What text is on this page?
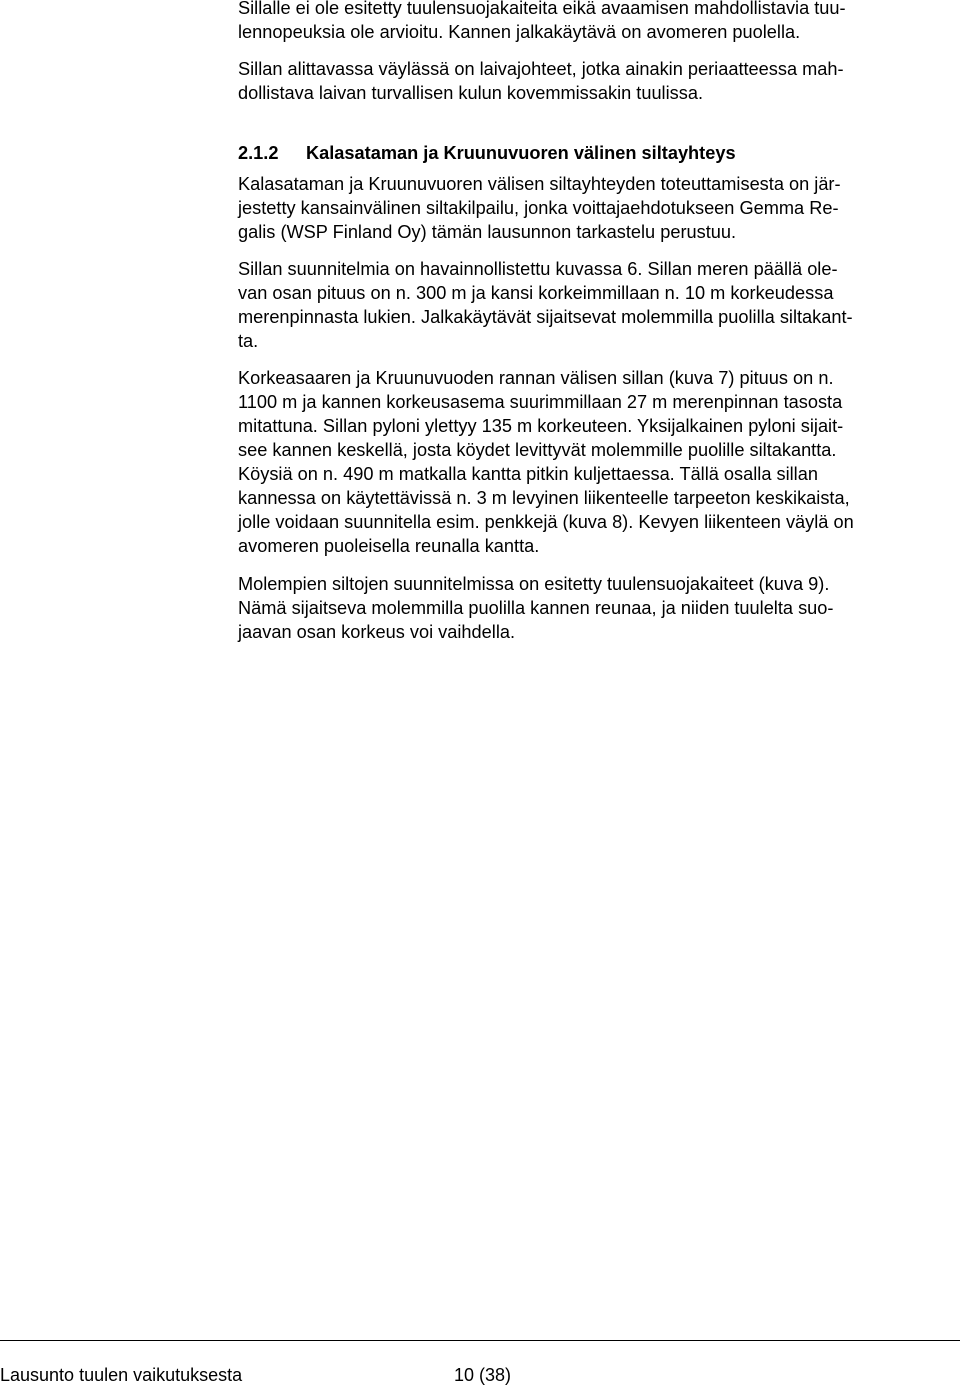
Sillalle ei ole esitetty tuulensuojakaiteita eikä avaamisen mahdollistavia tuu-
lennopeuksia ole arvioitu. Kannen jalkakäytävä on avomeren puolella.

Sillan alittavassa väylässä on laivajohteet, jotka ainakin periaatteessa mah-
dollistava laivan turvallisen kulun kovemmissakin tuulissa.

2.1.2 Kalasataman ja Kruunuvuoren välinen siltayhteys

Kalasataman ja Kruunuvuoren välisen siltayhteyden toteuttamisesta on jär-
jestetty kansainvälinen siltakilpailu, jonka voittajaehdotukseen Gemma Re-
galis (WSP Finland Oy) tämän lausunnon tarkastelu perustuu.

Sillan suunnitelmia on havainnollistettu kuvassa 6. Sillan meren päällä ole-
van osan pituus on n. 300 m ja kansi korkeimmillaan n. 10 m korkeudessa
merenpinnasta lukien. Jalkakäytävät sijaitsevat molemmilla puolilla siltakant-
ta.

Korkeasaaren ja Kruunuvuoden rannan välisen sillan (kuva 7) pituus on n.
1100 m ja kannen korkeusasema suurimmillaan 27 m merenpinnan tasosta
mitattuna. Sillan pyloni ylettyy 135 m korkeuteen. Yksijalkainen pyloni sijait-
see kannen keskellä, josta köydet levittyvät molemmille puolille siltakantta.
Köysiä on n. 490 m matkalla kantta pitkin kuljettaessa. Tällä osalla sillan
kannessa on käytettävissä n. 3 m levyinen liikenteelle tarpeeton keskikaista,
jolle voidaan suunnitella esim. penkkejä (kuva 8). Kevyen liikenteen väylä on
avomeren puoleisella reunalla kantta.

Molempien siltojen suunnitelmissa on esitetty tuulensuojakaiteet (kuva 9).
Nämä sijaitseva molemmilla puolilla kannen reunaa, ja niiden tuulelta suo-
jaavan osan korkeus voi vaihdella.

Lausunto tuulen vaikutuksesta	10 (38)
